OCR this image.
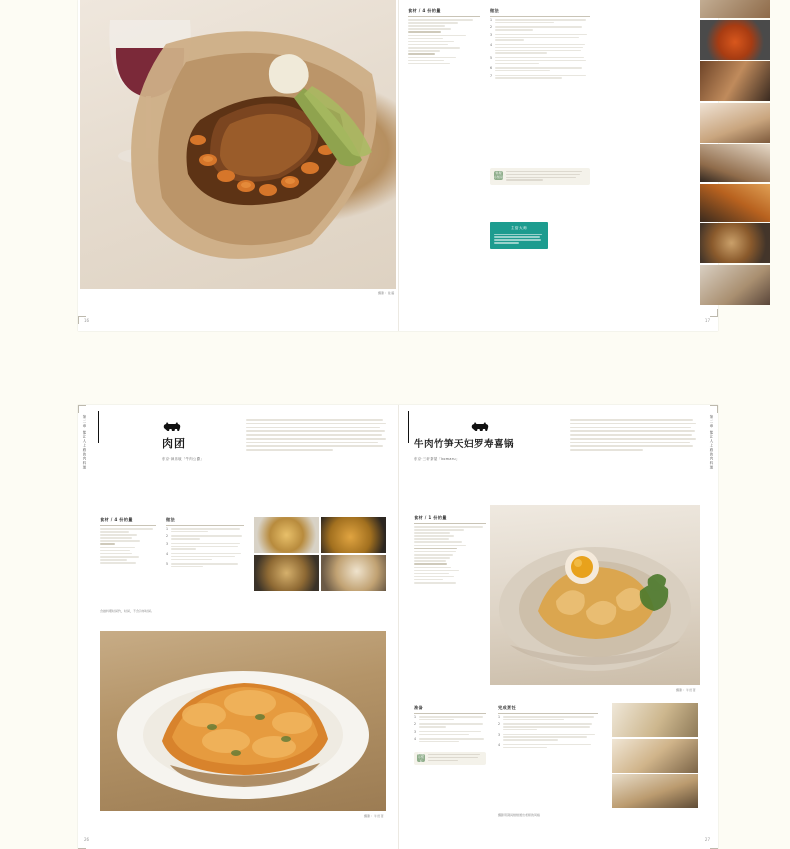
摄影：佐藤
16
食材 / 4 份的量	做法
1
2
3
4
5
6
7
料理 小知识
主厨大师
17
第二章 能让人上瘾的肉料理	肉团
东京·神乐坂「牛肉公爵」
食材 / 4 份的量	做法
1
2
3
4
5
含做料理时间约，时间，不含冷却时间。
摄影：牛田苍
26
牛肉竹笋天妇罗寿喜锅
东京·三轩茶屋「komaru」
食材 / 1 份的量
摄影：牛田苍
准备
1
2
3
4
料理 小知识
完成烹饪
1
2
3
4
摄影用餐具细细道出老师的风格
第二章 能让人上瘾的肉料理
27
